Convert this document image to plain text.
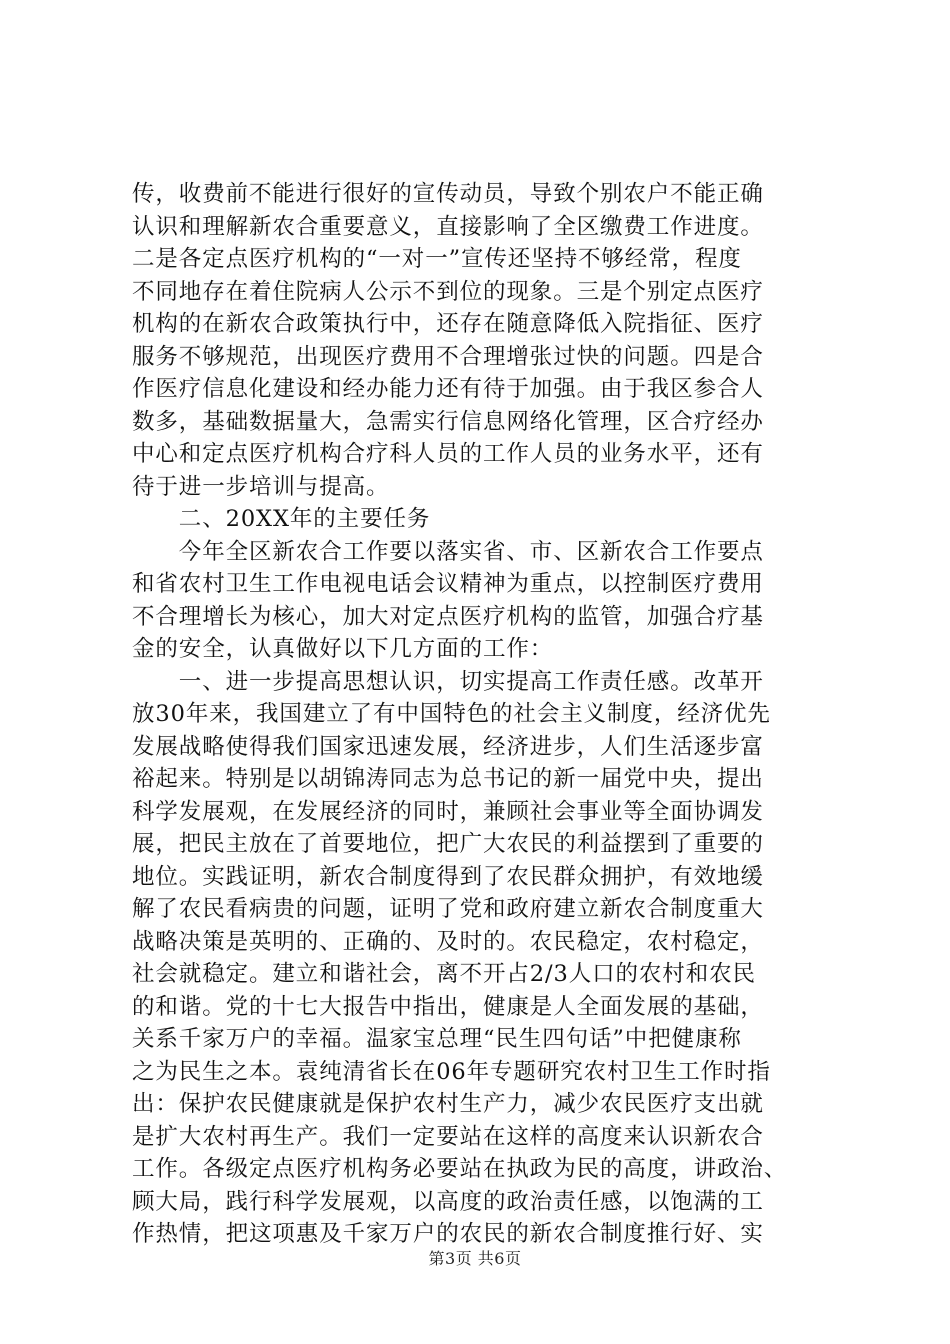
传，收费前不能进行很好的宣传动员，导致个别农户不能正确
认识和理解新农合重要意义，直接影响了全区缴费工作进度。
二是各定点医疗机构的“一对一”宣传还坚持不够经常，程度
不同地存在着住院病人公示不到位的现象。三是个别定点医疗
机构的在新农合政策执行中，还存在随意降低入院指征、医疗
服务不够规范，出现医疗费用不合理增张过快的问题。四是合
作医疗信息化建设和经办能力还有待于加强。由于我区参合人
数多，基础数据量大，急需实行信息网络化管理，区合疗经办
中心和定点医疗机构合疗科人员的工作人员的业务水平，还有
待于进一步培训与提高。
　　二、20XX年的主要任务
　　今年全区新农合工作要以落实省、市、区新农合工作要点
和省农村卫生工作电视电话会议精神为重点，以控制医疗费用
不合理增长为核心，加大对定点医疗机构的监管，加强合疗基
金的安全，认真做好以下几方面的工作：
　　一、进一步提高思想认识，切实提高工作责任感。改革开
放30年来，我国建立了有中国特色的社会主义制度，经济优先
发展战略使得我们国家迅速发展，经济进步，人们生活逐步富
裕起来。特别是以胡锦涛同志为总书记的新一届党中央，提出
科学发展观，在发展经济的同时，兼顾社会事业等全面协调发
展，把民主放在了首要地位，把广大农民的利益摆到了重要的
地位。实践证明，新农合制度得到了农民群众拥护，有效地缓
解了农民看病贵的问题，证明了党和政府建立新农合制度重大
战略决策是英明的、正确的、及时的。农民稳定，农村稳定，
社会就稳定。建立和谐社会，离不开占2/3人口的农村和农民
的和谐。党的十七大报告中指出，健康是人全面发展的基础，
关系千家万户的幸福。温家宝总理“民生四句话”中把健康称
之为民生之本。袁纯清省长在06年专题研究农村卫生工作时指
出：保护农民健康就是保护农村生产力，减少农民医疗支出就
是扩大农村再生产。我们一定要站在这样的高度来认识新农合
工作。各级定点医疗机构务必要站在执政为民的高度，讲政治、
顾大局，践行科学发展观，以高度的政治责任感，以饱满的工
作热情，把这项惠及千家万户的农民的新农合制度推行好、实
第3页 共6页
